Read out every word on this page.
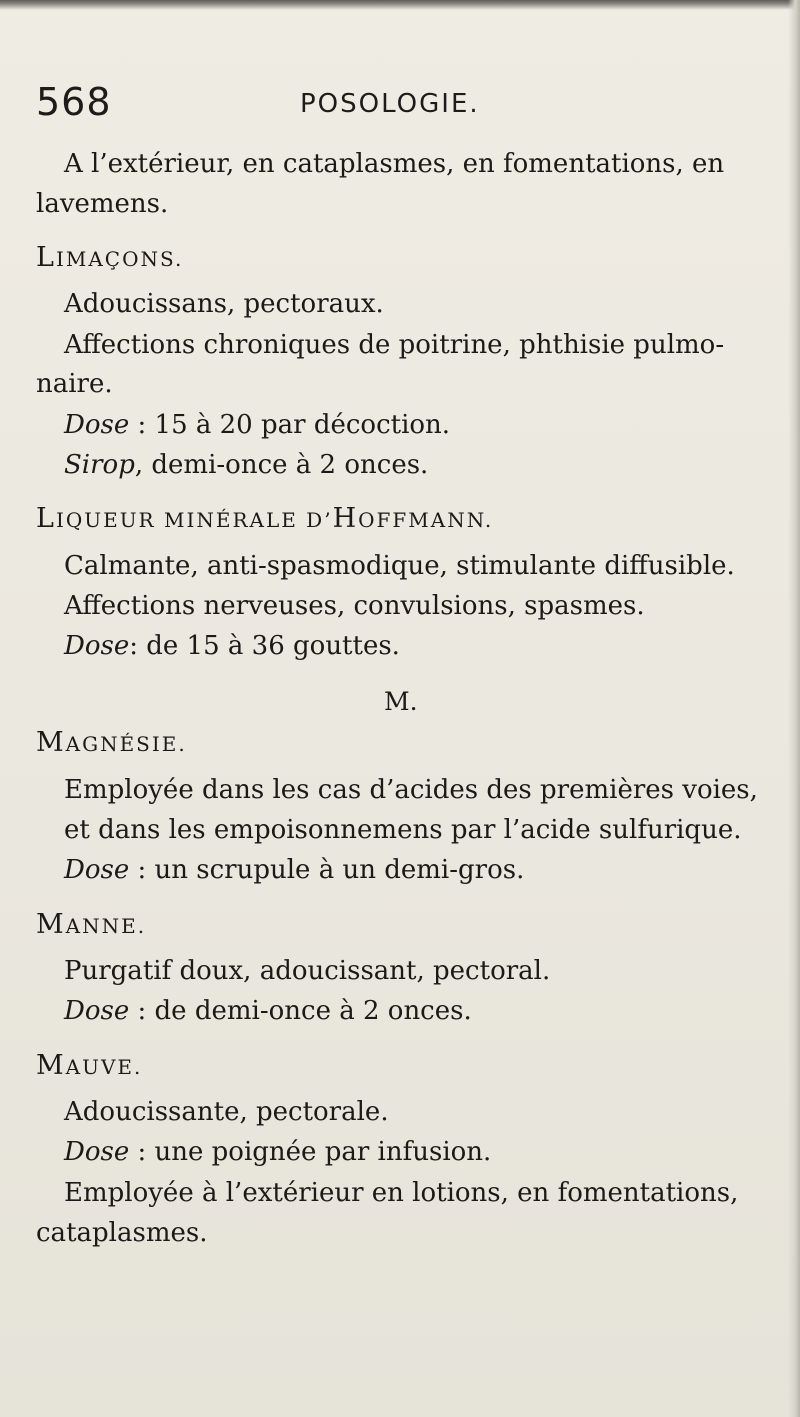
568	POSOLOGIE.
A l’extérieur, en cataplasmes, en fomentations, en
lavemens.
LIMAÇONS.
Adoucissans, pectoraux.
Affections chroniques de poitrine, phthisie pulmo-
naire.
Dose : 15 à 20 par décoction.
Sirop, demi-once à 2 onces.
LIQUEUR MINÉRALE D’HOFFMANN.
Calmante, anti-spasmodique, stimulante diffusible.
Affections nerveuses, convulsions, spasmes.
Dose: de 15 à 36 gouttes.
M.
MAGNÉSIE.
Employée dans les cas d’acides des premières voies,
et dans les empoisonnemens par l’acide sulfurique.
Dose : un scrupule à un demi-gros.
MANNE.
Purgatif doux, adoucissant, pectoral.
Dose : de demi-once à 2 onces.
MAUVE.
Adoucissante, pectorale.
Dose : une poignée par infusion.
Employée à l’extérieur en lotions, en fomentations,
cataplasmes.
